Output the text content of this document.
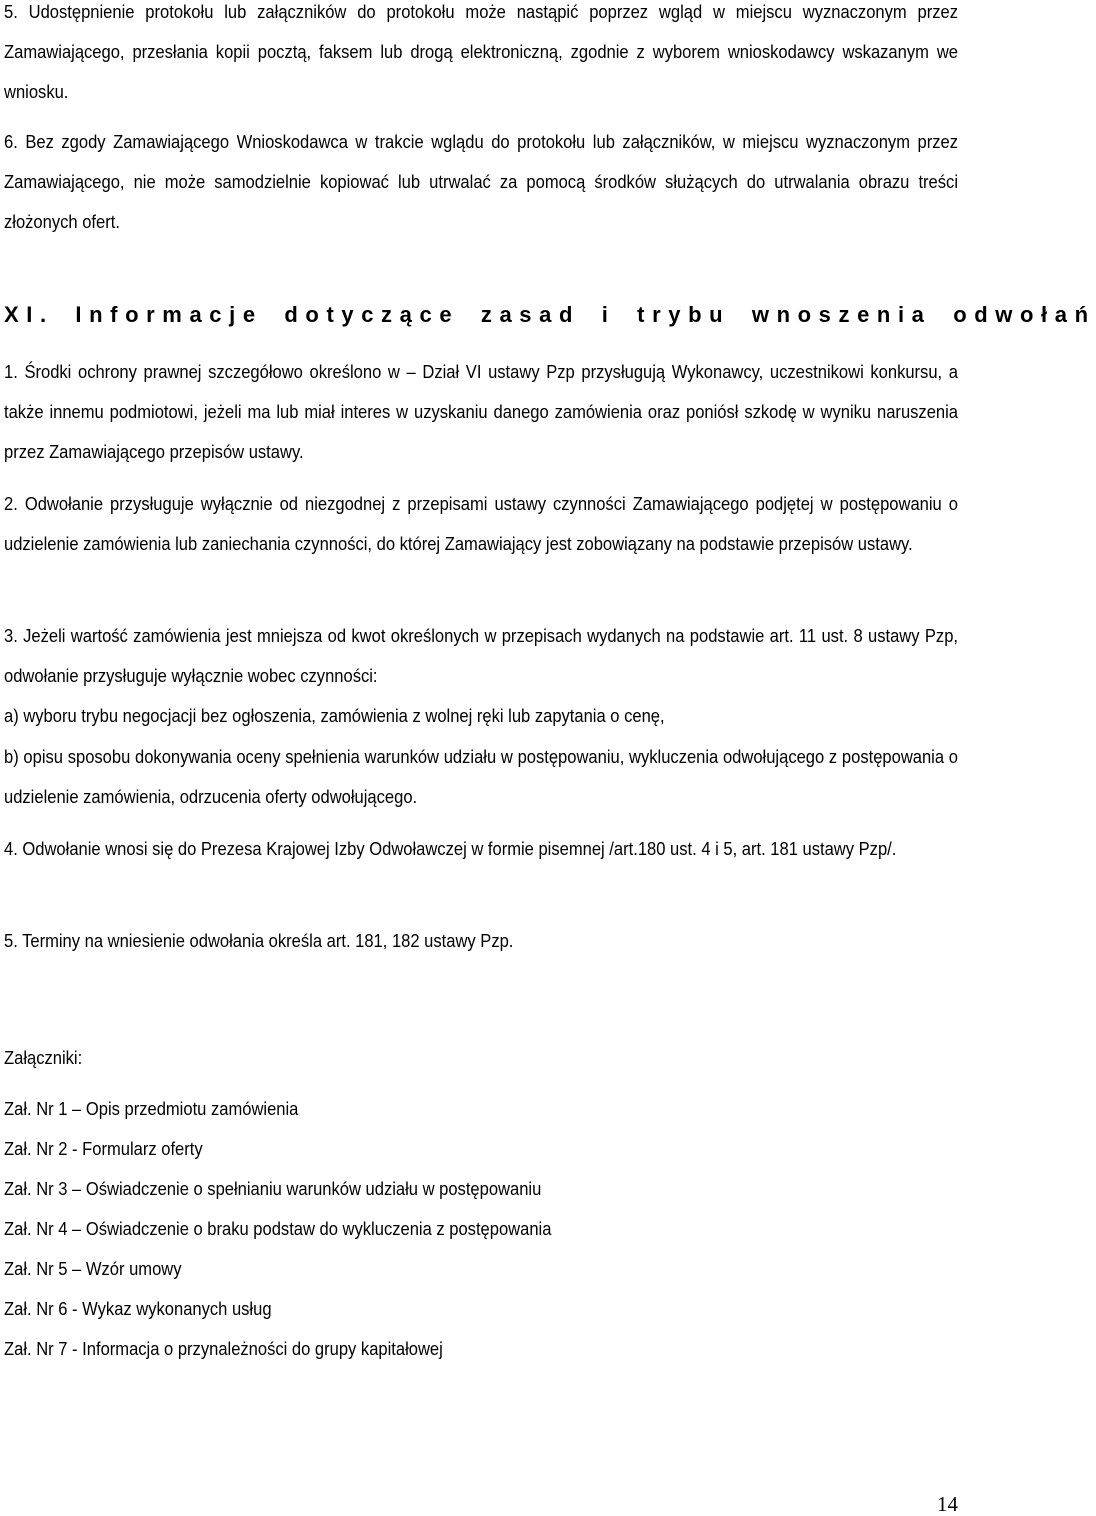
5. Udostępnienie protokołu lub załączników do protokołu może nastąpić poprzez wgląd w miejscu wyznaczonym przez Zamawiającego, przesłania kopii pocztą, faksem lub drogą elektroniczną, zgodnie z wyborem wnioskodawcy wskazanym we wniosku.

6. Bez zgody Zamawiającego Wnioskodawca w trakcie wglądu do protokołu lub załączników, w miejscu wyznaczonym przez Zamawiającego, nie może samodzielnie kopiować lub utrwalać za pomocą środków służących do utrwalania obrazu treści złożonych ofert.

XI. Informacje dotyczące zasad i trybu wnoszenia odwołań

1. Środki ochrony prawnej szczegółowo określono w – Dział VI ustawy Pzp przysługują Wykonawcy, uczestnikowi konkursu, a także innemu podmiotowi, jeżeli ma lub miał interes w uzyskaniu danego zamówienia oraz poniósł szkodę w wyniku naruszenia przez Zamawiającego przepisów ustawy.

2. Odwołanie przysługuje wyłącznie od niezgodnej z przepisami ustawy czynności Zamawiającego podjętej w postępowaniu o udzielenie zamówienia lub zaniechania czynności, do której Zamawiający jest zobowiązany na podstawie przepisów ustawy.

3. Jeżeli wartość zamówienia jest mniejsza od kwot określonych w przepisach wydanych na podstawie art. 11 ust. 8 ustawy Pzp, odwołanie przysługuje wyłącznie wobec czynności:

a) wyboru trybu negocjacji bez ogłoszenia, zamówienia z wolnej ręki lub zapytania o cenę,

b) opisu sposobu dokonywania oceny spełnienia warunków udziału w postępowaniu, wykluczenia odwołującego z postępowania o udzielenie zamówienia, odrzucenia oferty odwołującego.

4. Odwołanie wnosi się do Prezesa Krajowej Izby Odwoławczej w formie pisemnej /art.180 ust. 4 i 5, art. 181 ustawy Pzp/.

5. Terminy na wniesienie odwołania określa art. 181, 182 ustawy Pzp.

Załączniki:

Zał. Nr 1 – Opis przedmiotu zamówienia

Zał. Nr 2 - Formularz oferty

Zał. Nr 3 – Oświadczenie o spełnianiu warunków udziału w postępowaniu

Zał. Nr 4 – Oświadczenie o braku podstaw do wykluczenia z postępowania

Zał. Nr 5 – Wzór umowy

Zał. Nr 6 - Wykaz wykonanych usług

Zał. Nr 7 - Informacja o przynależności do grupy kapitałowej

14
